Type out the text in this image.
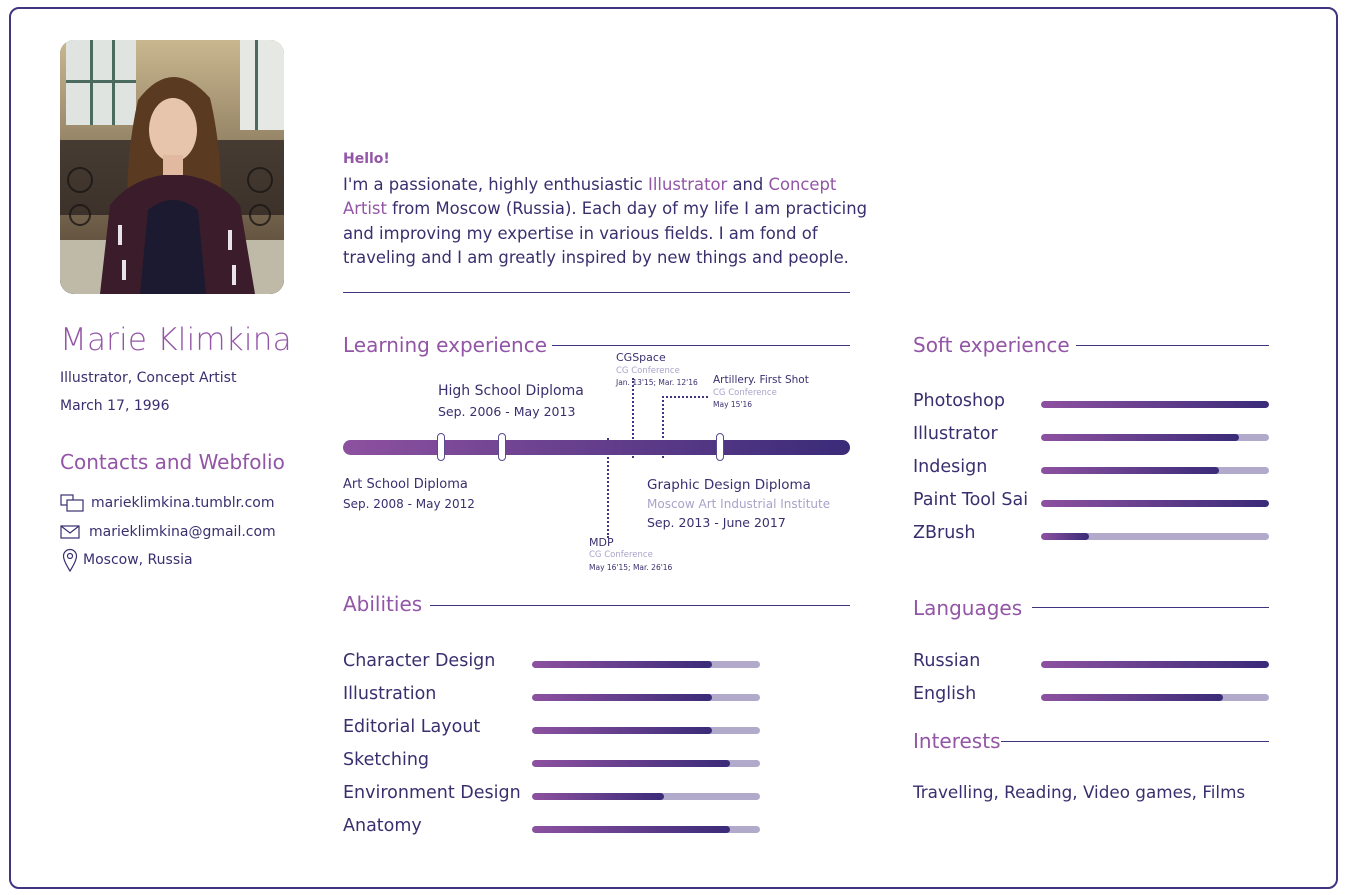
Marie Klimkina
Illustrator, Concept Artist
March 17, 1996
Contacts and Webfolio
marieklimkina.tumblr.com
marieklimkina@gmail.com
Moscow, Russia
Hello!
I'm a passionate, highly enthusiastic Illustrator and Concept Artist from Moscow (Russia). Each day of my life I am practicing and improving my expertise in various fields. I am fond of traveling and I am greatly inspired by new things and people.
Learning experience
High School Diploma
Sep. 2006 - May 2013
CGSpace
CG Conference
Jan. 13'15; Mar. 12'16 Artillery. First Shot
CG Conference
May 15'16
Art School Diploma
Sep. 2008 - May 2012
Graphic Design Diploma
Moscow Art Industrial Institute
Sep. 2013 - June 2017
MDP
CG Conference
May 16'15; Mar. 26'16
Abilities
Character Design
Illustration
Editorial Layout
Sketching
Environment Design
Anatomy
Soft experience
Photoshop
Illustrator
Indesign
Paint Tool Sai
ZBrush
Languages
Russian
English
Interests
Travelling, Reading, Video games, Films
